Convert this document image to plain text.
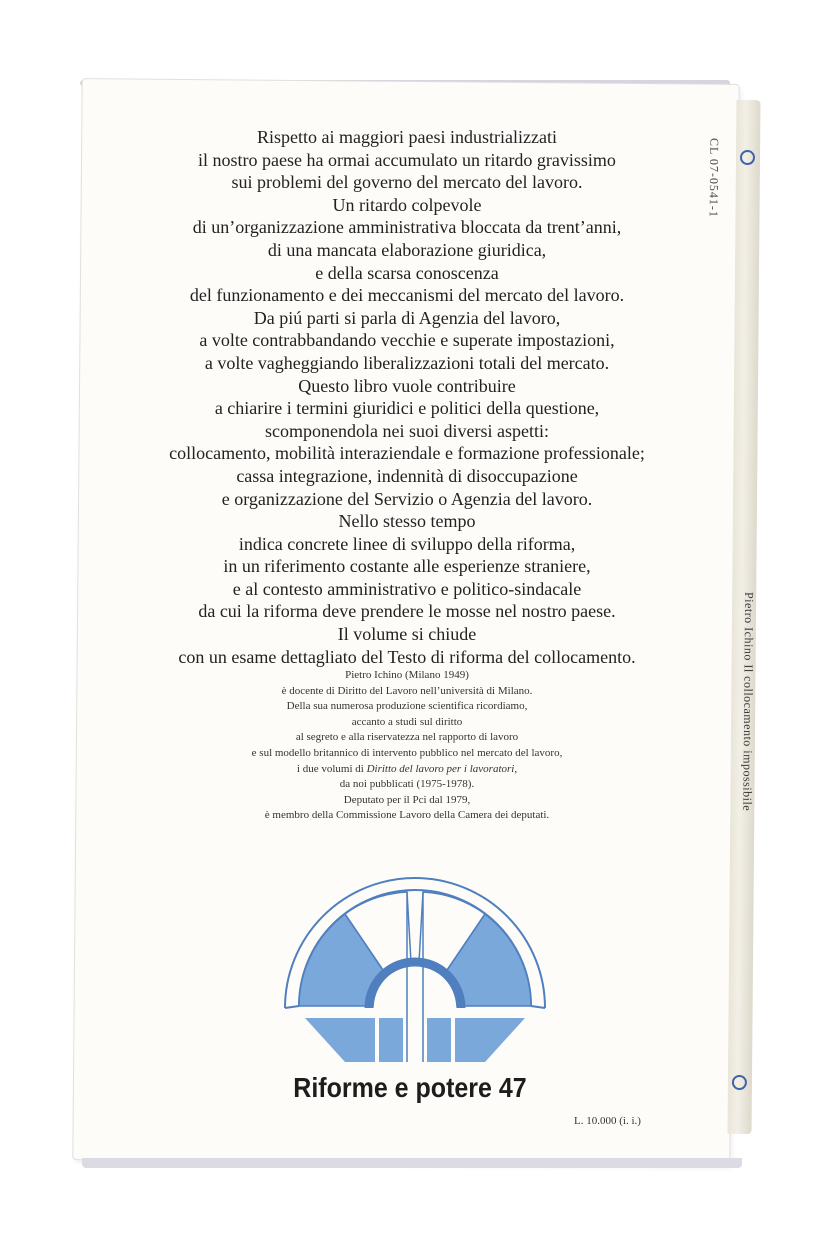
Pietro Ichino Il collocamento impossibile
CL 07-0541-1
Rispetto ai maggiori paesi industrializzati
il nostro paese ha ormai accumulato un ritardo gravissimo
sui problemi del governo del mercato del lavoro.
Un ritardo colpevole
di un’organizzazione amministrativa bloccata da trent’anni,
di una mancata elaborazione giuridica,
e della scarsa conoscenza
del funzionamento e dei meccanismi del mercato del lavoro.
Da piú parti si parla di Agenzia del lavoro,
a volte contrabbandando vecchie e superate impostazioni,
a volte vagheggiando liberalizzazioni totali del mercato.
Questo libro vuole contribuire
a chiarire i termini giuridici e politici della questione,
scomponendola nei suoi diversi aspetti:
collocamento, mobilità interaziendale e formazione professionale;
cassa integrazione, indennità di disoccupazione
e organizzazione del Servizio o Agenzia del lavoro.
Nello stesso tempo
indica concrete linee di sviluppo della riforma,
in un riferimento costante alle esperienze straniere,
e al contesto amministrativo e politico-sindacale
da cui la riforma deve prendere le mosse nel nostro paese.
Il volume si chiude
con un esame dettagliato del Testo di riforma del collocamento.
Pietro Ichino (Milano 1949)
è docente di Diritto del Lavoro nell’università di Milano.
Della sua numerosa produzione scientifica ricordiamo,
accanto a studi sul diritto
al segreto e alla riservatezza nel rapporto di lavoro
e sul modello britannico di intervento pubblico nel mercato del lavoro,
i due volumi di Diritto del lavoro per i lavoratori,
da noi pubblicati (1975-1978).
Deputato per il Pci dal 1979,
è membro della Commissione Lavoro della Camera dei deputati.
Riforme e potere 47
L. 10.000 (i. i.)
